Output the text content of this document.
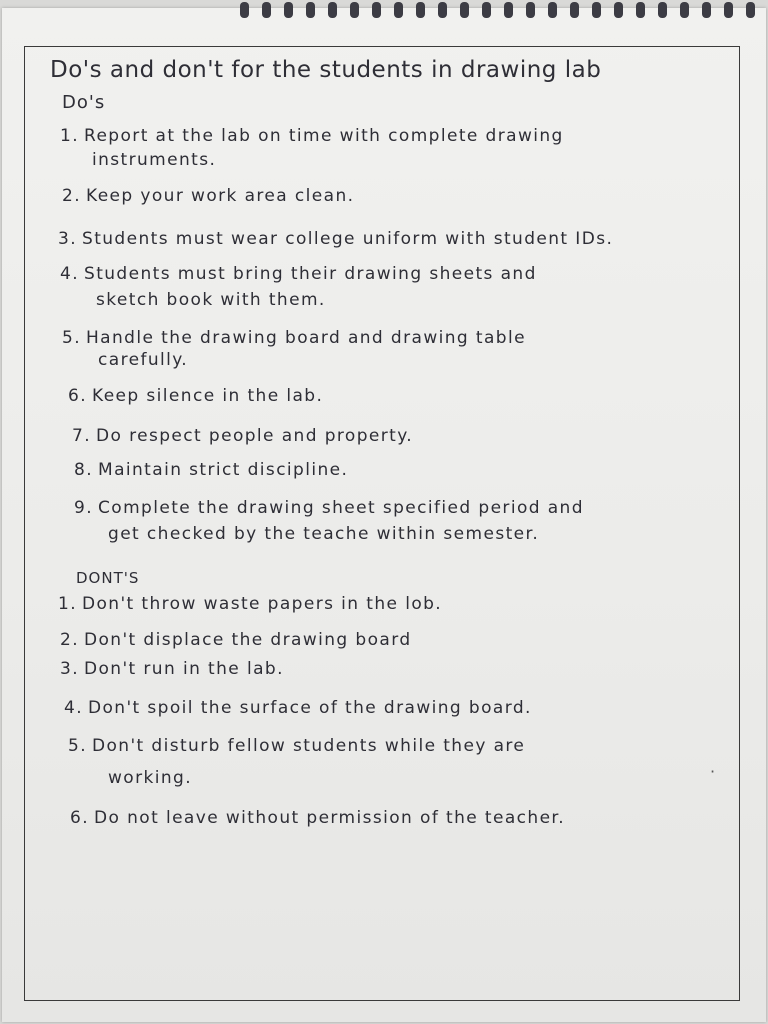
Do's and don't for the students in drawing lab
Do's
1. Report at the lab on time with complete drawing
instruments.
2. Keep your work area clean.
3. Students must wear college uniform with student IDs.
4. Students must bring their drawing sheets and
sketch book with them.
5. Handle the drawing board and drawing table
carefully.
6. Keep silence in the lab.
7. Do respect people and property.
8. Maintain strict discipline.
9. Complete the drawing sheet specified period and
get checked by the teache within semester.
DONT'S
1. Don't throw waste papers in the lob.
2. Don't displace the drawing board
3. Don't run in the lab.
4. Don't spoil the surface of the drawing board.
5. Don't disturb fellow students while they are
working.
6. Do not leave without permission of the teacher.
·
